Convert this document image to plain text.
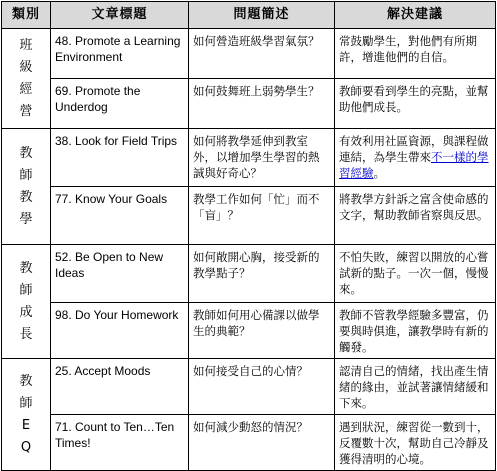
類別	文章標題	問題簡述	解決建議
班級經營	48. Promote a Learning Environment	如何營造班級學習氣氛？	常鼓勵學生，對他們有所期許，增進他們的自信。
	69. Promote the Underdog	如何鼓舞班上弱勢學生？	教師要看到學生的亮點，並幫助他們成長。
教師教學	38. Look for Field Trips	如何將教學延伸到教室外，以增加學生學習的熱誠與好奇心？	有效利用社區資源，與課程做連結，為學生帶來不一樣的學習經驗。
	77. Know Your Goals	教學工作如何「忙」而不「盲」？	將教學方針訴之富含使命感的文字，幫助教師省察與反思。
教師成長	52. Be Open to New Ideas	如何敞開心胸，接受新的教學點子？	不怕失敗，練習以開放的心嘗試新的點子。一次一個，慢慢來。
	98. Do Your Homework	教師如何用心備課以做學生的典範？	教師不管教學經驗多豐富，仍要與時俱進，讓教學時有新的觸發。
教師EQ	25. Accept Moods	如何接受自己的心情？	認清自己的情緒，找出產生情緒的緣由，並試著讓情緒緩和下來。
	71. Count to Ten…Ten Times!	如何減少動怒的情況？	遇到狀況，練習從一數到十，反覆數十次，幫助自己冷靜及獲得清明的心境。
